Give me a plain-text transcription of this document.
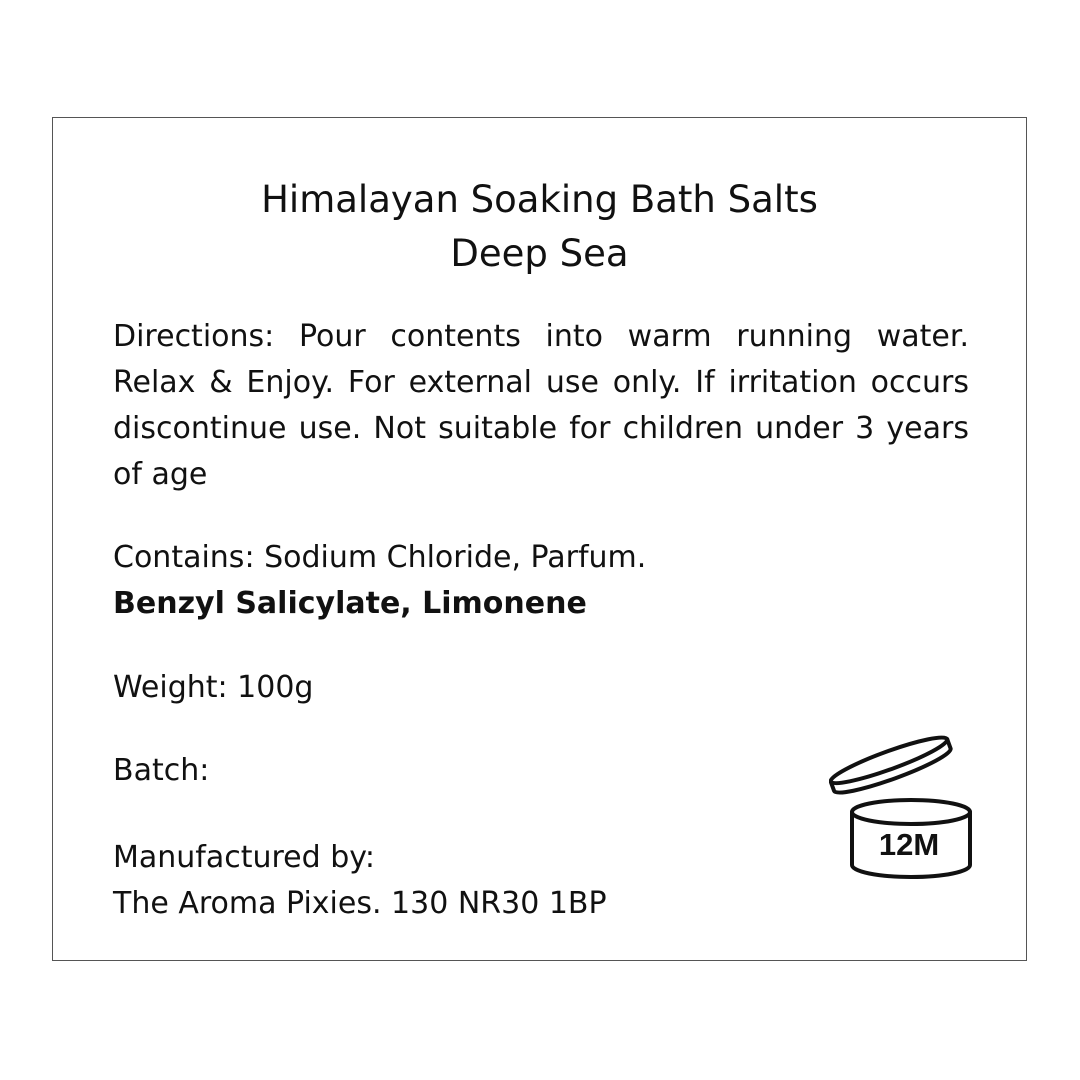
Himalayan Soaking Bath Salts
Deep Sea
Directions: Pour contents into warm running water. Relax & Enjoy. For external use only. If irritation occurs discontinue use. Not suitable for children under 3 years of age
Contains: Sodium Chloride, Parfum.
Benzyl Salicylate, Limonene
Weight: 100g
Batch:
Manufactured by:
The Aroma Pixies. 130 NR30 1BP
12M
